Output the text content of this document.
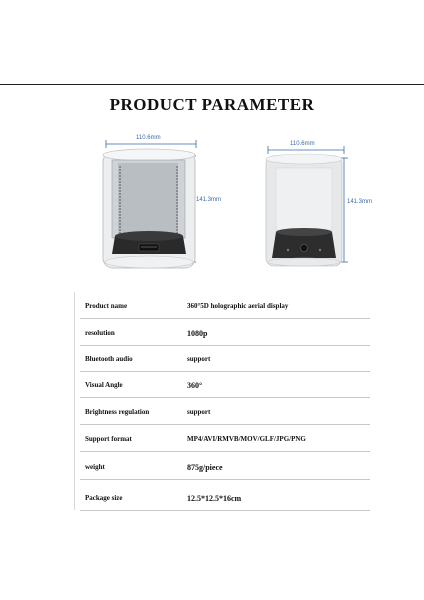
PRODUCT PARAMETER
110.6mm
141.3mm
110.6mm
141.3mm
Product name	360°5D holographic aerial display
resolution	1080p
Bluetooth audio	support
Visual Angle	360°
Brightness regulation	support
Support format	MP4/AVI/RMVB/MOV/GLF/JPG/PNG
weight	875g/piece
Package size	12.5*12.5*16cm
